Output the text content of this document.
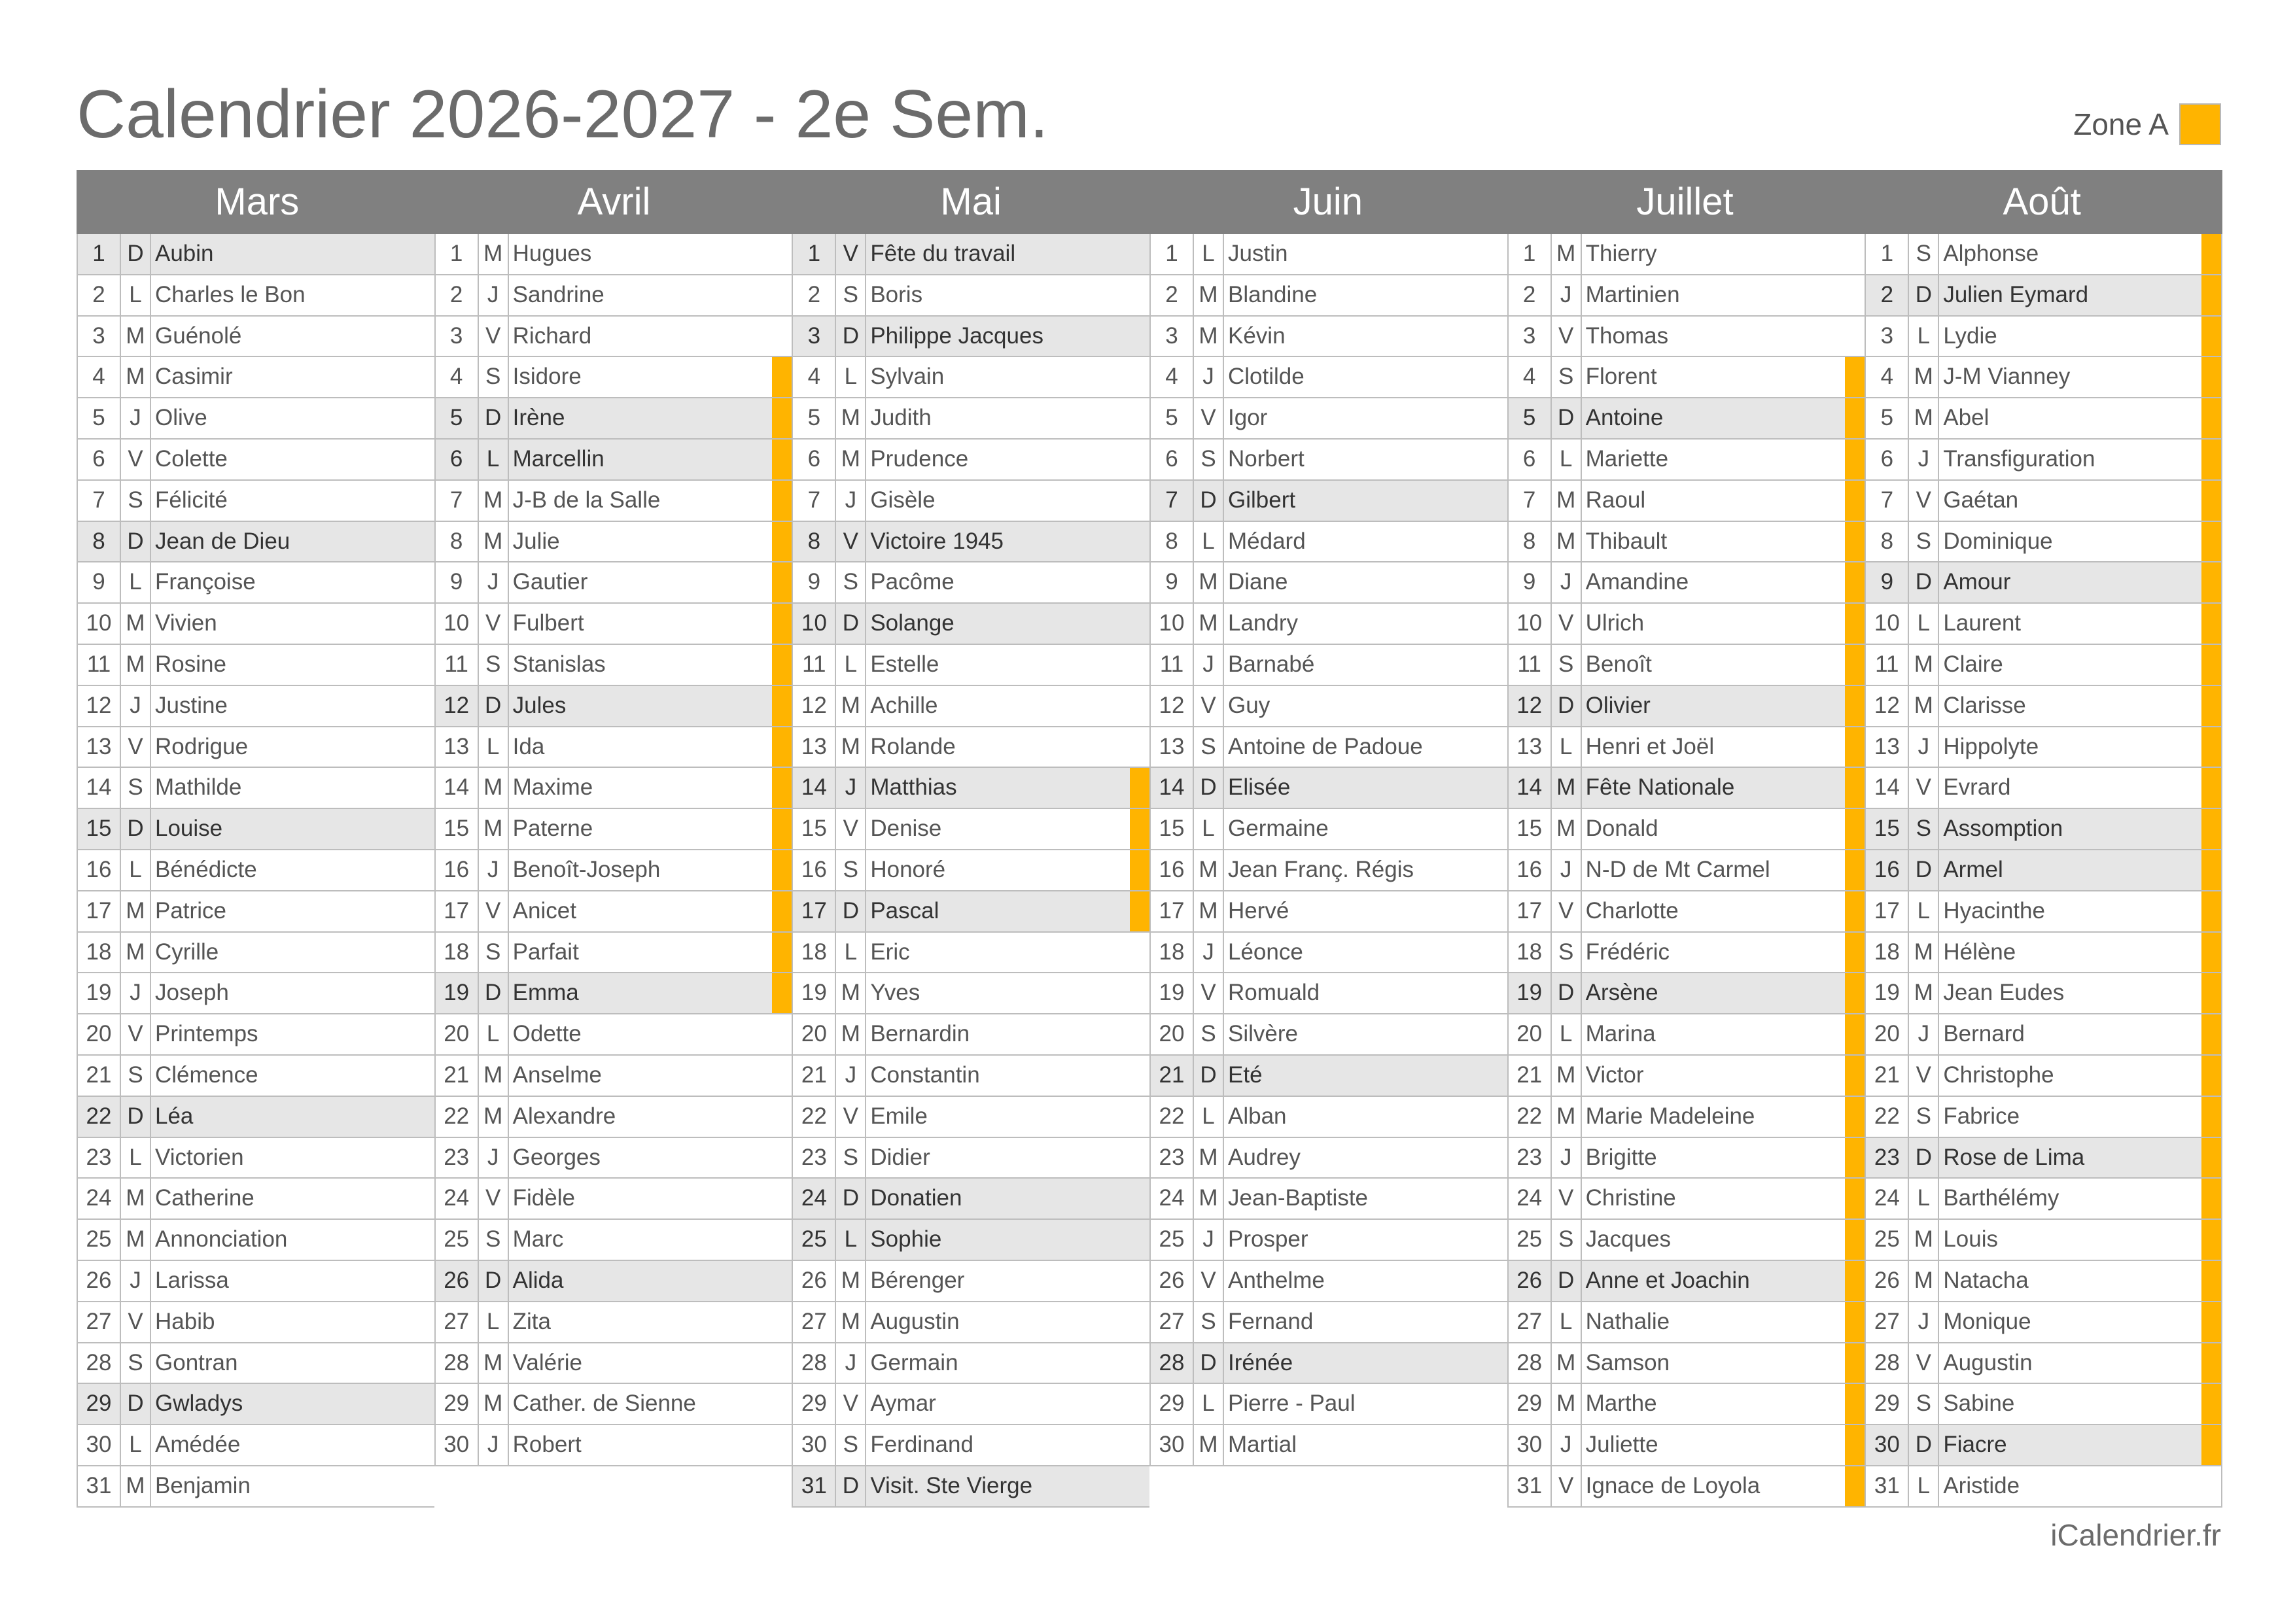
Calendrier 2026-2027 - 2e Sem.	Zone A
Mars	Avril	Mai	Juin	Juillet	Août
1 D Aubin
2	L Charles le Bon
3 M Guénolé
4 M Casimir
5	J Olive
6 V Colette
7 S Félicité
8 D Jean de Dieu
9	L Françoise
10 M Vivien
11 M Rosine
12 J Justine
13 V Rodrigue
14 S Mathilde
15 D Louise
16 L Bénédicte
17 M Patrice
18 M Cyrille
19 J Joseph
20 V Printemps
21 S Clémence
22 D Léa
23 L Victorien
24 M Catherine
25 M Annonciation
26 J Larissa
27 V Habib
28 S Gontran
29 D Gwladys
30 L Amédée
31 M Benjamin
1 M Hugues
2	J Sandrine
3 V Richard
4 S Isidore
5 D Irène
6	L Marcellin
7 M J-B de la Salle
8 M Julie
9	J Gautier
10 V Fulbert
11 S Stanislas
12 D Jules
13 L Ida
14 M Maxime
15 M Paterne
16 J Benoît-Joseph
17 V Anicet
18 S Parfait
19 D Emma
20 L Odette
21 M Anselme
22 M Alexandre
23 J Georges
24 V Fidèle
25 S Marc
26 D Alida
27 L Zita
28 M Valérie
29 M Cather. de Sienne
30 J Robert
1 V Fête du travail
2 S Boris
3 D Philippe Jacques
4	L Sylvain
5 M Judith
6 M Prudence
7	J Gisèle
8 V Victoire 1945
9 S Pacôme
10 D Solange
11 L Estelle
12 M Achille
13 M Rolande
14 J Matthias
15 V Denise
16 S Honoré
17 D Pascal
18 L Eric
19 M Yves
20 M Bernardin
21 J Constantin
22 V Emile
23 S Didier
24 D Donatien
25 L Sophie
26 M Bérenger
27 M Augustin
28 J Germain
29 V Aymar
30 S Ferdinand
31 D Visit. Ste Vierge
1	L Justin
2 M Blandine
3 M Kévin
4	J Clotilde
5 V Igor
6 S Norbert
7 D Gilbert
8	L Médard
9 M Diane
10 M Landry
11 J Barnabé
12 V Guy
13 S Antoine de Padoue
14 D Elisée
15 L Germaine
16 M Jean Franç. Régis
17 M Hervé
18 J Léonce
19 V Romuald
20 S Silvère
21 D Eté
22 L Alban
23 M Audrey
24 M Jean-Baptiste
25 J Prosper
26 V Anthelme
27 S Fernand
28 D Irénée
29 L Pierre - Paul
30 M Martial
1 M Thierry
2	J Martinien
3 V Thomas
4 S Florent
5 D Antoine
6	L Mariette
7 M Raoul
8 M Thibault
9	J Amandine
10 V Ulrich
11 S Benoît
12 D Olivier
13 L Henri et Joël
14 M Fête Nationale
15 M Donald
16 J N-D de Mt Carmel
17 V Charlotte
18 S Frédéric
19 D Arsène
20 L Marina
21 M Victor
22 M Marie Madeleine
23 J Brigitte
24 V Christine
25 S Jacques
26 D Anne et Joachin
27 L Nathalie
28 M Samson
29 M Marthe
30 J Juliette
31 V Ignace de Loyola
1 S Alphonse
2 D Julien Eymard
3	L Lydie
4 M J-M Vianney
5 M Abel
6	J Transfiguration
7 V Gaétan
8 S Dominique
9 D Amour
10 L Laurent
11 M Claire
12 M Clarisse
13 J Hippolyte
14 V Evrard
15 S Assomption
16 D Armel
17 L Hyacinthe
18 M Hélène
19 M Jean Eudes
20 J Bernard
21 V Christophe
22 S Fabrice
23 D Rose de Lima
24 L Barthélémy
25 M Louis
26 M Natacha
27 J Monique
28 V Augustin
29 S Sabine
30 D Fiacre
31 L Aristide
iCalendrier.fr
